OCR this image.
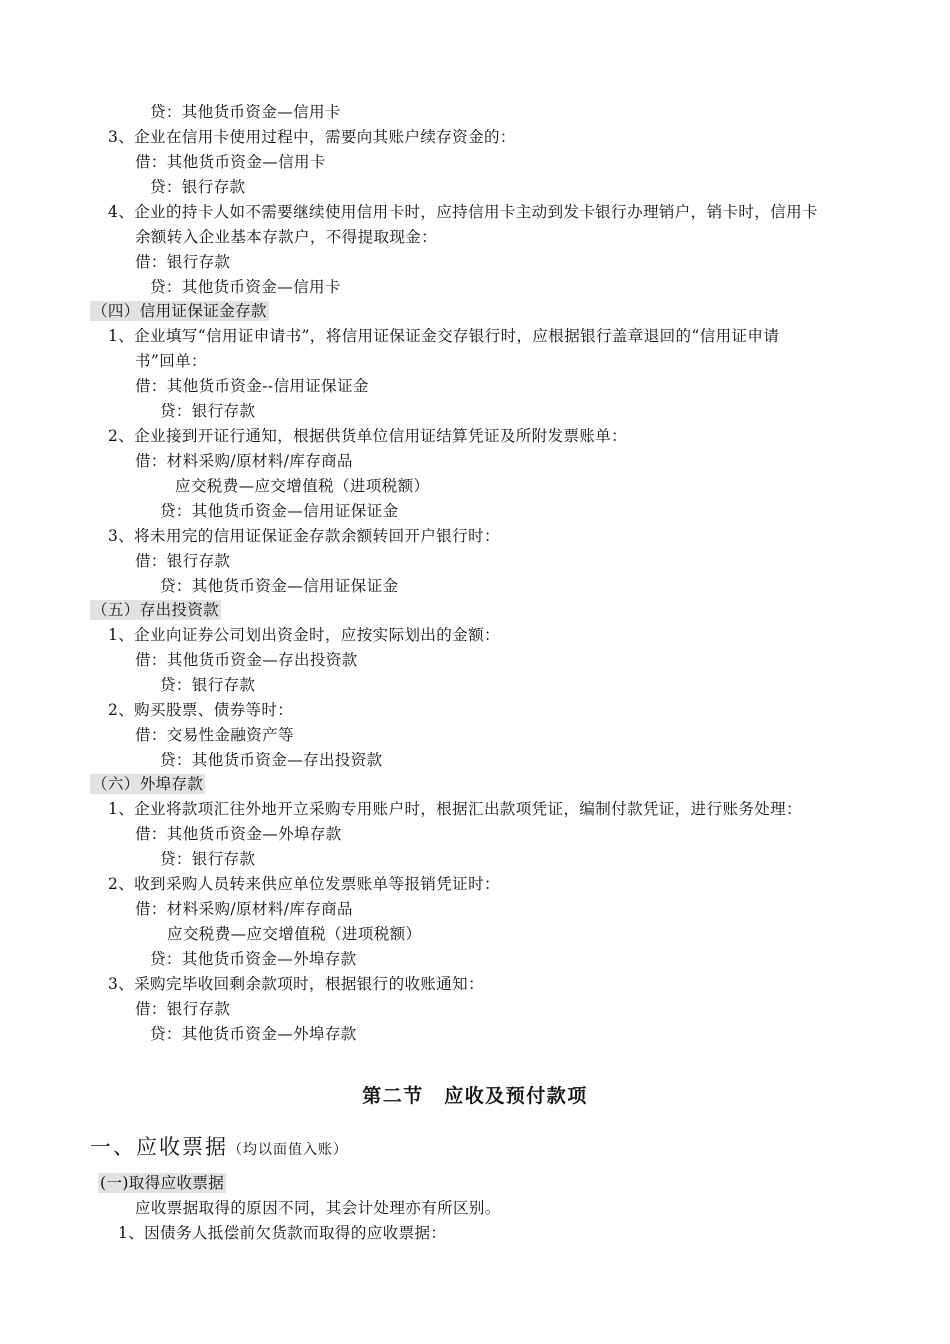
贷：其他货币资金—信用卡
3、企业在信用卡使用过程中，需要向其账户续存资金的：
借：其他货币资金—信用卡
贷：银行存款
4、企业的持卡人如不需要继续使用信用卡时，应持信用卡主动到发卡银行办理销户，销卡时，信用卡
余额转入企业基本存款户，不得提取现金：
借：银行存款
贷：其他货币资金—信用卡
（四）信用证保证金存款
1、企业填写“信用证申请书”，将信用证保证金交存银行时，应根据银行盖章退回的“信用证申请
书”回单：
借：其他货币资金--信用证保证金
贷：银行存款
2、企业接到开证行通知，根据供货单位信用证结算凭证及所附发票账单：
借：材料采购/原材料/库存商品
应交税费—应交增值税（进项税额）
贷：其他货币资金—信用证保证金
3、将未用完的信用证保证金存款余额转回开户银行时：
借：银行存款
贷：其他货币资金—信用证保证金
（五）存出投资款
1、企业向证券公司划出资金时，应按实际划出的金额：
借：其他货币资金—存出投资款
贷：银行存款
2、购买股票、债券等时：
借：交易性金融资产等
贷：其他货币资金—存出投资款
（六）外埠存款
1、企业将款项汇往外地开立采购专用账户时，根据汇出款项凭证，编制付款凭证，进行账务处理：
借：其他货币资金—外埠存款
贷：银行存款
2、收到采购人员转来供应单位发票账单等报销凭证时：
借：材料采购/原材料/库存商品
应交税费—应交增值税（进项税额）
贷：其他货币资金—外埠存款
3、采购完毕收回剩余款项时，根据银行的收账通知：
借：银行存款
贷：其他货币资金—外埠存款
第二节　应收及预付款项
一、应收票据（均以面值入账）
(一)取得应收票据
应收票据取得的原因不同，其会计处理亦有所区别。
1、因债务人抵偿前欠货款而取得的应收票据：
